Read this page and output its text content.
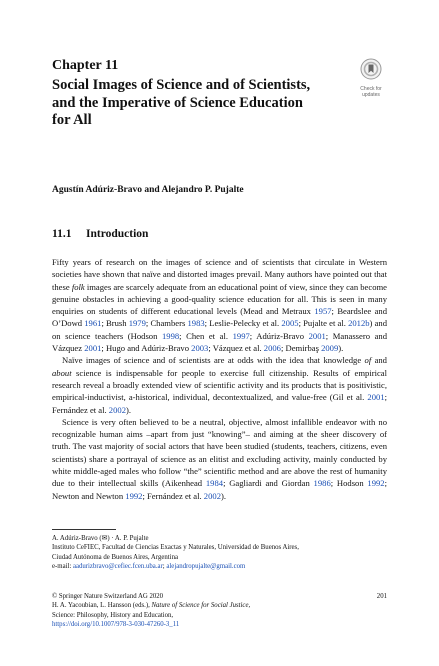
Chapter 11
Social Images of Science and of Scientists,
and the Imperative of Science Education
for All
Check for
updates
Agustín Adúriz-Bravo and Alejandro P. Pujalte
11.1 Introduction

Fifty years of research on the images of science and of scientists that circulate in Western societies have shown that naïve and distorted images prevail. Many authors have pointed out that these folk images are scarcely adequate from an educational point of view, since they can become genuine obstacles in achieving a good-quality science education for all. This is seen in many enquiries on students of different educational levels (Mead and Metraux 1957; Beardslee and O’Dowd 1961; Brush 1979; Chambers 1983; Leslie-Pelecky et al. 2005; Pujalte et al. 2012b) and on science teachers (Hodson 1998; Chen et al. 1997; Adúriz-Bravo 2001; Manassero and Vázquez 2001; Hugo and Adúriz-Bravo 2003; Vázquez et al. 2006; Demirbaş 2009).

Naïve images of science and of scientists are at odds with the idea that knowledge of and about science is indispensable for people to exercise full citizenship. Results of empirical research reveal a broadly extended view of scientific activity and its products that is positivistic, empirical-inductivist, a-historical, individual, decontextualized, and value-free (Gil et al. 2001; Fernández et al. 2002).

Science is very often believed to be a neutral, objective, almost infallible endeavor with no recognizable human aims –apart from just “knowing”– and aiming at the sheer discovery of truth. The vast majority of social actors that have been studied (students, teachers, citizens, even scientists) share a portrayal of science as an elitist and excluding activity, mainly conducted by white middle-aged males who follow “the” scientific method and are above the rest of humanity due to their intellectual skills (Aikenhead 1984; Gagliardi and Giordan 1986; Hodson 1992; Newton and Newton 1992; Fernández et al. 2002).

A. Adúriz-Bravo (✉) · A. P. Pujalte
Instituto CeFIEC, Facultad de Ciencias Exactas y Naturales, Universidad de Buenos Aires,
Ciudad Autónoma de Buenos Aires, Argentina
e-mail: aadurizbravo@cefiec.fcen.uba.ar; alejandropujalte@gmail.com
201
© Springer Nature Switzerland AG 2020
H. A. Yacoubian, L. Hansson (eds.), Nature of Science for Social Justice,
Science: Philosophy, History and Education,
https://doi.org/10.1007/978-3-030-47260-3_11
